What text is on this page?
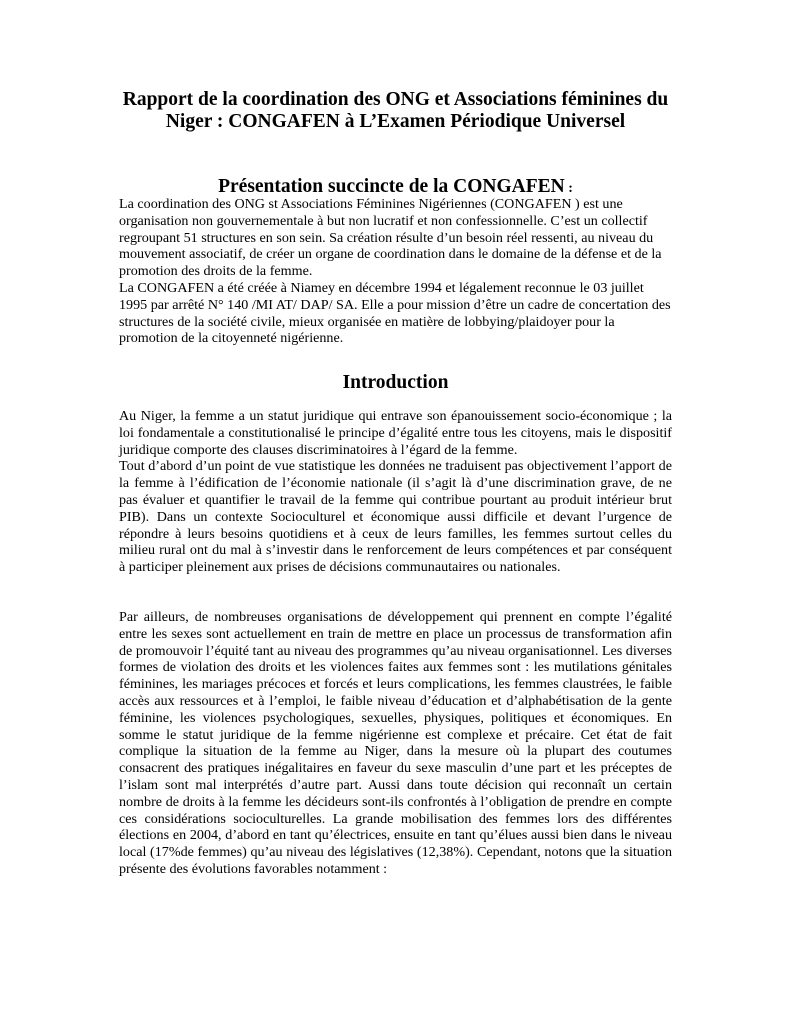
Rapport de la coordination des ONG et Associations féminines du Niger : CONGAFEN à L’Examen Périodique Universel
Présentation succincte de la CONGAFEN :

La coordination des ONG st Associations Féminines Nigériennes (CONGAFEN ) est une organisation non gouvernementale à but non lucratif et non confessionnelle. C’est un collectif regroupant 51 structures en son sein. Sa création résulte d’un besoin réel ressenti, au niveau du mouvement associatif, de créer un organe de coordination dans le domaine de la défense et de la promotion des droits de la femme.

La CONGAFEN a été créée à Niamey en décembre 1994 et légalement reconnue le 03 juillet 1995 par arrêté N° 140 /MI AT/ DAP/ SA. Elle a pour mission d’être un cadre de concertation des structures de la société civile, mieux organisée en matière de lobbying/plaidoyer pour la promotion de la citoyenneté nigérienne.

Introduction

Au Niger, la femme a un statut juridique qui entrave son épanouissement socio-économique ; la loi fondamentale a constitutionalisé le principe d’égalité entre tous les citoyens, mais le dispositif juridique comporte des clauses discriminatoires à l’égard de la femme.

Tout d’abord d’un point de vue statistique les données ne traduisent pas objectivement l’apport de la femme à l’édification de l’économie nationale (il s’agit là d’une discrimination grave, de ne pas évaluer et quantifier le travail de la femme qui contribue pourtant au produit intérieur brut PIB). Dans un contexte Socioculturel et économique aussi difficile et devant l’urgence de répondre à leurs besoins quotidiens et à ceux de leurs familles, les femmes surtout celles du milieu rural ont du mal à s’investir dans le renforcement de leurs compétences et par conséquent à participer pleinement aux prises de décisions communautaires ou nationales.

Par ailleurs, de nombreuses organisations de développement qui prennent en compte l’égalité entre les sexes sont actuellement en train de mettre en place un processus de transformation afin de promouvoir l’équité tant au niveau des programmes qu’au niveau organisationnel. Les diverses formes de violation des droits et les violences faites aux femmes sont : les mutilations génitales féminines, les mariages précoces et forcés et leurs complications, les femmes claustrées, le faible accès aux ressources et à l’emploi, le faible niveau d’éducation et d’alphabétisation de la gente féminine, les violences psychologiques, sexuelles, physiques, politiques et économiques. En somme le statut juridique de la femme nigérienne est complexe et précaire. Cet état de fait complique la situation de la femme au Niger, dans la mesure où la plupart des coutumes consacrent des pratiques inégalitaires en faveur du sexe masculin d’une part et les préceptes de l’islam sont mal interprétés d’autre part. Aussi dans toute décision qui reconnaît un certain nombre de droits à la femme les décideurs sont-ils confrontés à l’obligation de prendre en compte ces considérations socioculturelles. La grande mobilisation des femmes lors des différentes élections en 2004, d’abord en tant qu’électrices, ensuite en tant qu’élues aussi bien dans le niveau local (17%de femmes) qu’au niveau des législatives (12,38%). Cependant, notons que la situation présente des évolutions favorables notamment :
